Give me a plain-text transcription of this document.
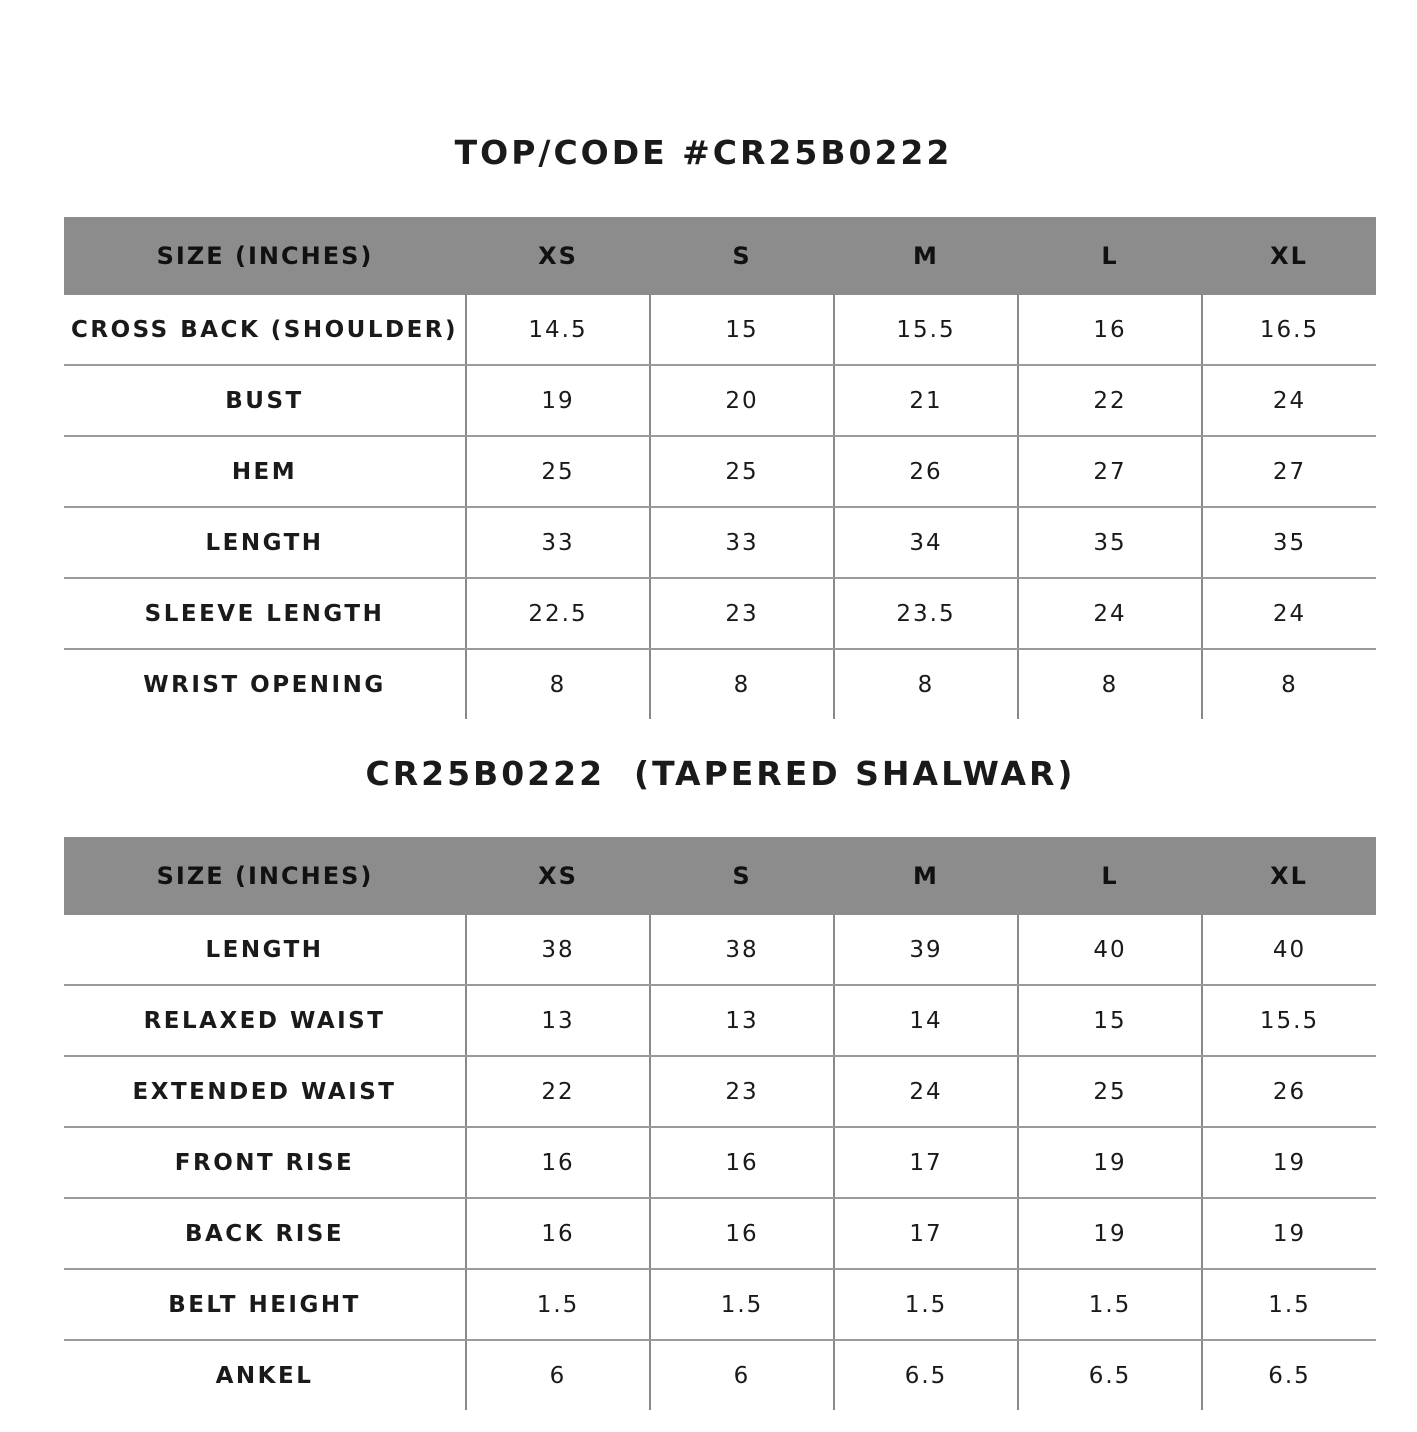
TOP/CODE #CR25B0222
SIZE (INCHES)	XS	S	M	L	XL
CROSS BACK (SHOULDER)	14.5	15	15.5	16	16.5
BUST	19	20	21	22	24
HEM	25	25	26	27	27
LENGTH	33	33	34	35	35
SLEEVE LENGTH	22.5	23	23.5	24	24
WRIST OPENING	8	8	8	8	8
CR25B0222  (TAPERED SHALWAR)
SIZE (INCHES)	XS	S	M	L	XL
LENGTH	38	38	39	40	40
RELAXED WAIST	13	13	14	15	15.5
EXTENDED WAIST	22	23	24	25	26
FRONT RISE	16	16	17	19	19
BACK RISE	16	16	17	19	19
BELT HEIGHT	1.5	1.5	1.5	1.5	1.5
ANKEL	6	6	6.5	6.5	6.5
